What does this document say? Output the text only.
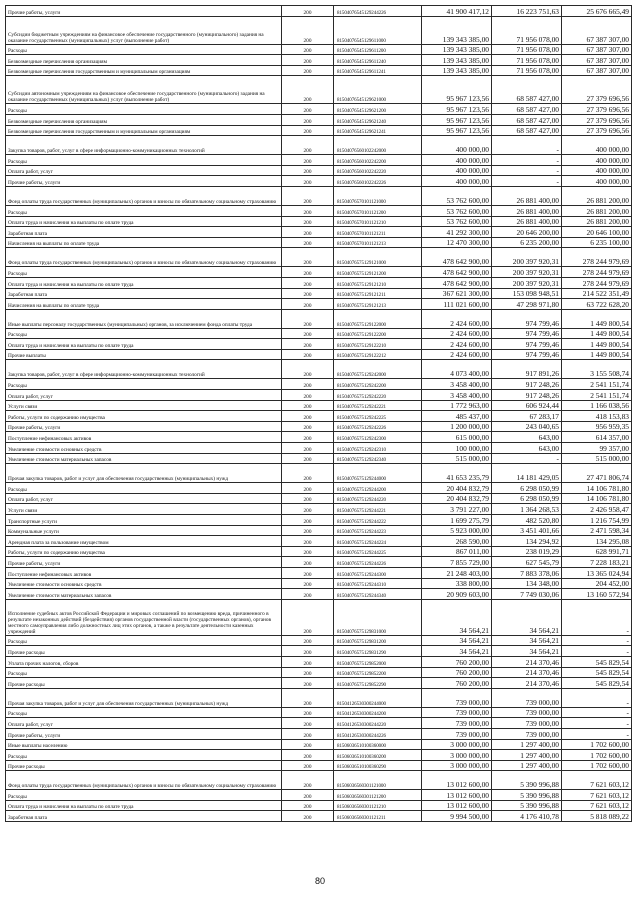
Прочие работы, услуги	200	81504076545129244226	41 900 417,12	16 223 751,63	25 676 665,49
Субсидии бюджетным учреждениям на финансовое обеспечение государственного (муниципального) задания на оказание государственных (муниципальных) услуг (выполнение работ)	200	81504076545129611000	139 343 385,00	71 956 078,00	67 387 307,00
Расходы	200	81504076545129611200	139 343 385,00	71 956 078,00	67 387 307,00
Безвозмездные перечисления организациям	200	81504076545129611240	139 343 385,00	71 956 078,00	67 387 307,00
Безвозмездные перечисления государственным и муниципальным организациям	200	81504076545129611241	139 343 385,00	71 956 078,00	67 387 307,00
Субсидии автономным учреждениям на финансовое обеспечение государственного (муниципального) задания на оказание государственных (муниципальных) услуг (выполнение работ)	200	81504076545129621000	95 967 123,56	68 587 427,00	27 379 696,56
Расходы	200	81504076545129621200	95 967 123,56	68 587 427,00	27 379 696,56
Безвозмездные перечисления организациям	200	81504076545129621240	95 967 123,56	68 587 427,00	27 379 696,56
Безвозмездные перечисления государственным и муниципальным организациям	200	81504076545129621241	95 967 123,56	68 587 427,00	27 379 696,56
Закупка товаров, работ, услуг в сфере информационно-коммуникационных технологий	200	81504076560102242000	400 000,00	-	400 000,00
Расходы	200	81504076560102242200	400 000,00	-	400 000,00
Оплата работ, услуг	200	81504076560102242220	400 000,00	-	400 000,00
Прочие работы, услуги	200	81504076560102242226	400 000,00	-	400 000,00
Фонд оплаты труда государственных (муниципальных) органов и взносы по обязательному социальному страхованию	200	81504076570101121000	53 762 600,00	26 881 400,00	26 881 200,00
Расходы	200	81504076570101121200	53 762 600,00	26 881 400,00	26 881 200,00
Оплата труда и начисления на выплаты по оплате труда	200	81504076570101121210	53 762 600,00	26 881 400,00	26 881 200,00
Заработная плата	200	81504076570101121211	41 292 300,00	20 646 200,00	20 646 100,00
Начисления на выплаты по оплате труда	200	81504076570101121213	12 470 300,00	6 235 200,00	6 235 100,00
Фонд оплаты труда государственных (муниципальных) органов и взносы по обязательному социальному страхованию	200	81504076575129121000	478 642 900,00	200 397 920,31	278 244 979,69
Расходы	200	81504076575129121200	478 642 900,00	200 397 920,31	278 244 979,69
Оплата труда и начисления на выплаты по оплате труда	200	81504076575129121210	478 642 900,00	200 397 920,31	278 244 979,69
Заработная плата	200	81504076575129121211	367 621 300,00	153 098 948,51	214 522 351,49
Начисления на выплаты по оплате труда	200	81504076575129121213	111 021 600,00	47 298 971,80	63 722 628,20
Иные выплаты персоналу государственных (муниципальных) органов, за исключением фонда оплаты труда	200	81504076575129122000	2 424 600,00	974 799,46	1 449 800,54
Расходы	200	81504076575129122200	2 424 600,00	974 799,46	1 449 800,54
Оплата труда и начисления на выплаты по оплате труда	200	81504076575129122210	2 424 600,00	974 799,46	1 449 800,54
Прочие выплаты	200	81504076575129122212	2 424 600,00	974 799,46	1 449 800,54
Закупка товаров, работ, услуг в сфере информационно-коммуникационных технологий	200	81504076575129242000	4 073 400,00	917 891,26	3 155 508,74
Расходы	200	81504076575129242200	3 458 400,00	917 248,26	2 541 151,74
Оплата работ, услуг	200	81504076575129242220	3 458 400,00	917 248,26	2 541 151,74
Услуги связи	200	81504076575129242221	1 772 963,00	606 924,44	1 166 038,56
Работы, услуги по содержанию имущества	200	81504076575129242225	485 437,00	67 283,17	418 153,83
Прочие работы, услуги	200	81504076575129242226	1 200 000,00	243 040,65	956 959,35
Поступление нефинансовых активов	200	81504076575129242300	615 000,00	643,00	614 357,00
Увеличение стоимости основных средств	200	81504076575129242310	100 000,00	643,00	99 357,00
Увеличение стоимости материальных запасов	200	81504076575129242340	515 000,00	-	515 000,00
Прочая закупка товаров, работ и услуг для обеспечения государственных (муниципальных) нужд	200	81504076575129244000	41 653 235,79	14 181 429,05	27 471 806,74
Расходы	200	81504076575129244200	20 404 832,79	6 298 050,99	14 106 781,80
Оплата работ, услуг	200	81504076575129244220	20 404 832,79	6 298 050,99	14 106 781,80
Услуги связи	200	81504076575129244221	3 791 227,00	1 364 268,53	2 426 958,47
Транспортные услуги	200	81504076575129244222	1 699 275,79	482 520,80	1 216 754,99
Коммунальные услуги	200	81504076575129244223	5 923 000,00	3 451 401,66	2 471 598,34
Арендная плата за пользование имуществом	200	81504076575129244224	268 590,00	134 294,92	134 295,08
Работы, услуги по содержанию имущества	200	81504076575129244225	867 011,00	238 019,29	628 991,71
Прочие работы, услуги	200	81504076575129244226	7 855 729,00	627 545,79	7 228 183,21
Поступление нефинансовых активов	200	81504076575129244300	21 248 403,00	7 883 378,06	13 365 024,94
Увеличение стоимости основных средств	200	81504076575129244310	338 800,00	134 348,00	204 452,00
Увеличение стоимости материальных запасов	200	81504076575129244340	20 909 603,00	7 749 030,06	13 160 572,94
Исполнение судебных актов Российской Федерации и мировых соглашений по возмещению вреда, причиненного в результате незаконных действий (бездействия) органов государственной власти (государственных органов), органов местного самоуправления либо должностных лиц этих органов, а также в результате деятельности казенных учреждений	200	81504076575129831000	34 564,21	34 564,21	-
Расходы	200	81504076575129831200	34 564,21	34 564,21	-
Прочие расходы	200	81504076575129831290	34 564,21	34 564,21	-
Уплата прочих налогов, сборов	200	81504076575129852000	760 200,00	214 370,46	545 829,54
Расходы	200	81504076575129852200	760 200,00	214 370,46	545 829,54
Прочие расходы	200	81504076575129852290	760 200,00	214 370,46	545 829,54
Прочая закупка товаров, работ и услуг для обеспечения государственных (муниципальных) нужд	200	81504126530300244000	739 000,00	739 000,00	-
Расходы	200	81504126530300244200	739 000,00	739 000,00	-
Оплата работ, услуг	200	81504126530300244220	739 000,00	739 000,00	-
Прочие работы, услуги	200	81504126530300244226	739 000,00	739 000,00	-
Иные выплаты населению	200	81506036510100360000	3 000 000,00	1 297 400,00	1 702 600,00
Расходы	200	81506036510100360200	3 000 000,00	1 297 400,00	1 702 600,00
Прочие расходы	200	81506036510100360290	3 000 000,00	1 297 400,00	1 702 600,00
Фонд оплаты труда государственных (муниципальных) органов и взносы по обязательному социальному страхованию	200	81506036560301121000	13 012 600,00	5 390 996,88	7 621 603,12
Расходы	200	81506036560301121200	13 012 600,00	5 390 996,88	7 621 603,12
Оплата труда и начисления на выплаты по оплате труда	200	81506036560301121210	13 012 600,00	5 390 996,88	7 621 603,12
Заработная плата	200	81506036560301121211	9 994 500,00	4 176 410,78	5 818 089,22
80
